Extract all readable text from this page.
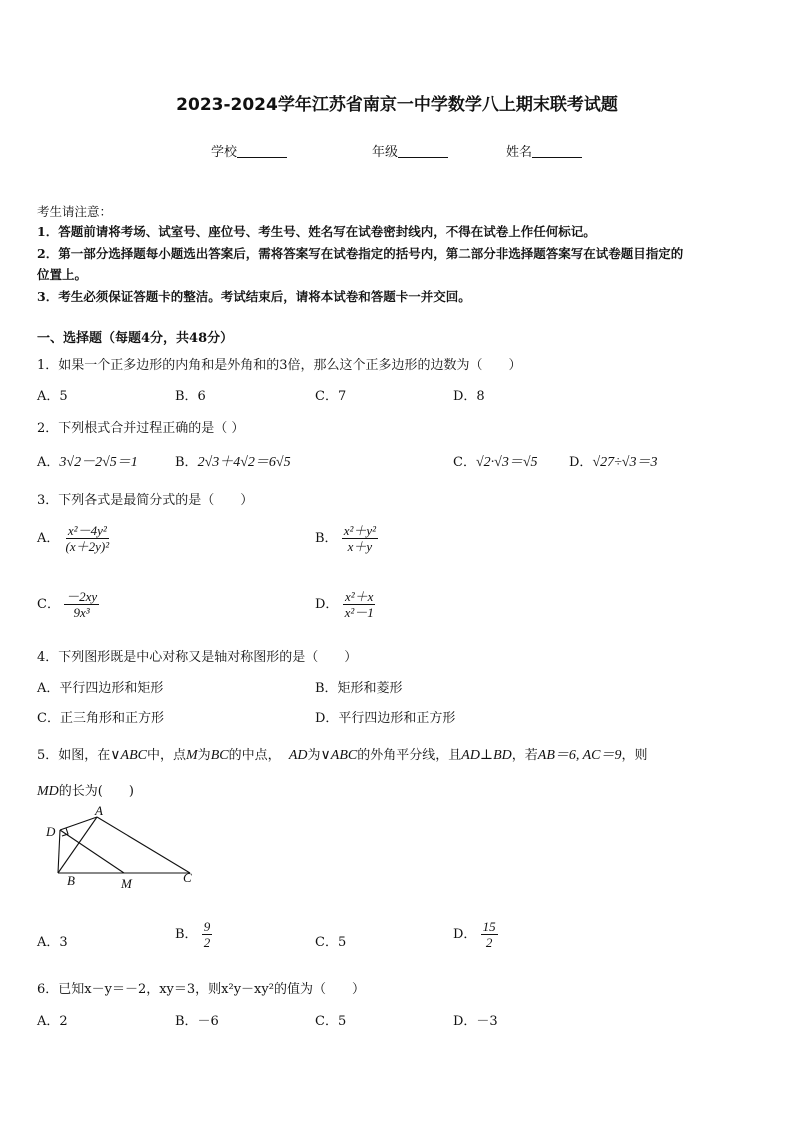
2023-2024学年江苏省南京一中学数学八上期末联考试题
学校	年级	姓名
考生请注意：
1．答题前请将考场、试室号、座位号、考生号、姓名写在试卷密封线内，不得在试卷上作任何标记。
2．第一部分选择题每小题选出答案后，需将答案写在试卷指定的括号内，第二部分非选择题答案写在试卷题目指定的
位置上。
3．考生必须保证答题卡的整洁。考试结束后，请将本试卷和答题卡一并交回。
一、选择题（每题4分，共48分）
1．如果一个正多边形的内角和是外角和的3倍，那么这个正多边形的边数为（　　）
A．5	B．6	C．7	D．8
2．下列根式合并过程正确的是（ ）
A．3√2－2√5＝1	B．2√3＋4√2＝6√5	C．√2·√3＝√5 D．√27÷√3＝3
3．下列各式是最简分式的是（　　）
A． $\frac{\text{x²－4y²}}{\text{(x＋2y)²}}$	B． $\frac{\text{x²＋y²}}{x+y}$
C． $\frac{-2xy}{\text{9x³}}$	D． $\frac{\text{x²＋x}}{\text{x²－1}}$
4．下列图形既是中心对称又是轴对称图形的是（　　）
A．平行四边形和矩形	B．矩形和菱形
C．正三角形和正方形	D．平行四边形和正方形
5．如图，在∨ABC中，点M为BC的中点， AD为∨ABC的外角平分线，且AD⊥BD，若AB＝6, AC＝9，则
MD的长为(　　)
D
A
B	M	C
A．3
B． $\frac{9}{2}$	C．5
D． $\frac{15}{2}$
6．已知x－y＝－2，xy＝3，则x²y－xy²的值为（　　）
A．2	B．－6	C．5	D．－3
